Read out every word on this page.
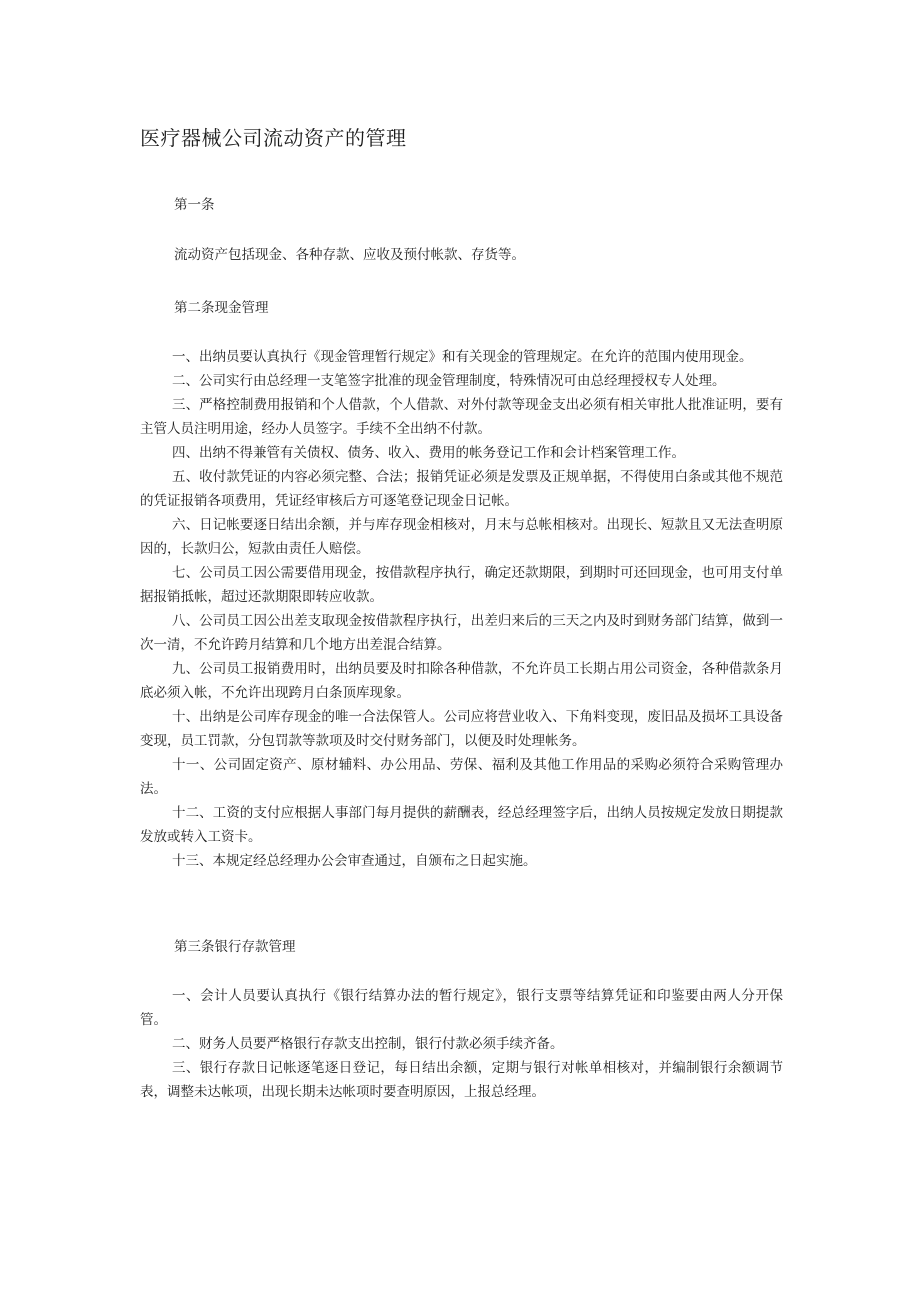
医疗器械公司流动资产的管理
第一条

流动资产包括现金、各种存款、应收及预付帐款、存货等。

第二条现金管理

一、出纳员要认真执行《现金管理暂行规定》和有关现金的管理规定。在允许的范围内使用现金。

二、公司实行由总经理一支笔签字批准的现金管理制度，特殊情况可由总经理授权专人处理。

三、严格控制费用报销和个人借款，个人借款、对外付款等现金支出必须有相关审批人批准证明，要有主管人员注明用途，经办人员签字。手续不全出纳不付款。

四、出纳不得兼管有关债权、债务、收入、费用的帐务登记工作和会计档案管理工作。

五、收付款凭证的内容必须完整、合法；报销凭证必须是发票及正规单据，不得使用白条或其他不规范的凭证报销各项费用，凭证经审核后方可逐笔登记现金日记帐。

六、日记帐要逐日结出余额，并与库存现金相核对，月末与总帐相核对。出现长、短款且又无法查明原因的，长款归公，短款由责任人赔偿。

七、公司员工因公需要借用现金，按借款程序执行，确定还款期限，到期时可还回现金，也可用支付单据报销抵帐，超过还款期限即转应收款。

八、公司员工因公出差支取现金按借款程序执行，出差归来后的三天之内及时到财务部门结算，做到一次一清，不允许跨月结算和几个地方出差混合结算。

九、公司员工报销费用时，出纳员要及时扣除各种借款，不允许员工长期占用公司资金，各种借款条月底必须入帐，不允许出现跨月白条顶库现象。

十、出纳是公司库存现金的唯一合法保管人。公司应将营业收入、下角料变现，废旧品及损坏工具设备变现，员工罚款，分包罚款等款项及时交付财务部门，以便及时处理帐务。

十一、公司固定资产、原材辅料、办公用品、劳保、福利及其他工作用品的采购必须符合采购管理办法。

十二、工资的支付应根据人事部门每月提供的薪酬表，经总经理签字后，出纳人员按规定发放日期提款发放或转入工资卡。

十三、本规定经总经理办公会审查通过，自颁布之日起实施。

第三条银行存款管理

一、会计人员要认真执行《银行结算办法的暂行规定》，银行支票等结算凭证和印鉴要由两人分开保管。

二、财务人员要严格银行存款支出控制，银行付款必须手续齐备。

三、银行存款日记帐逐笔逐日登记，每日结出余额，定期与银行对帐单相核对，并编制银行余额调节表，调整未达帐项，出现长期未达帐项时要查明原因，上报总经理。
